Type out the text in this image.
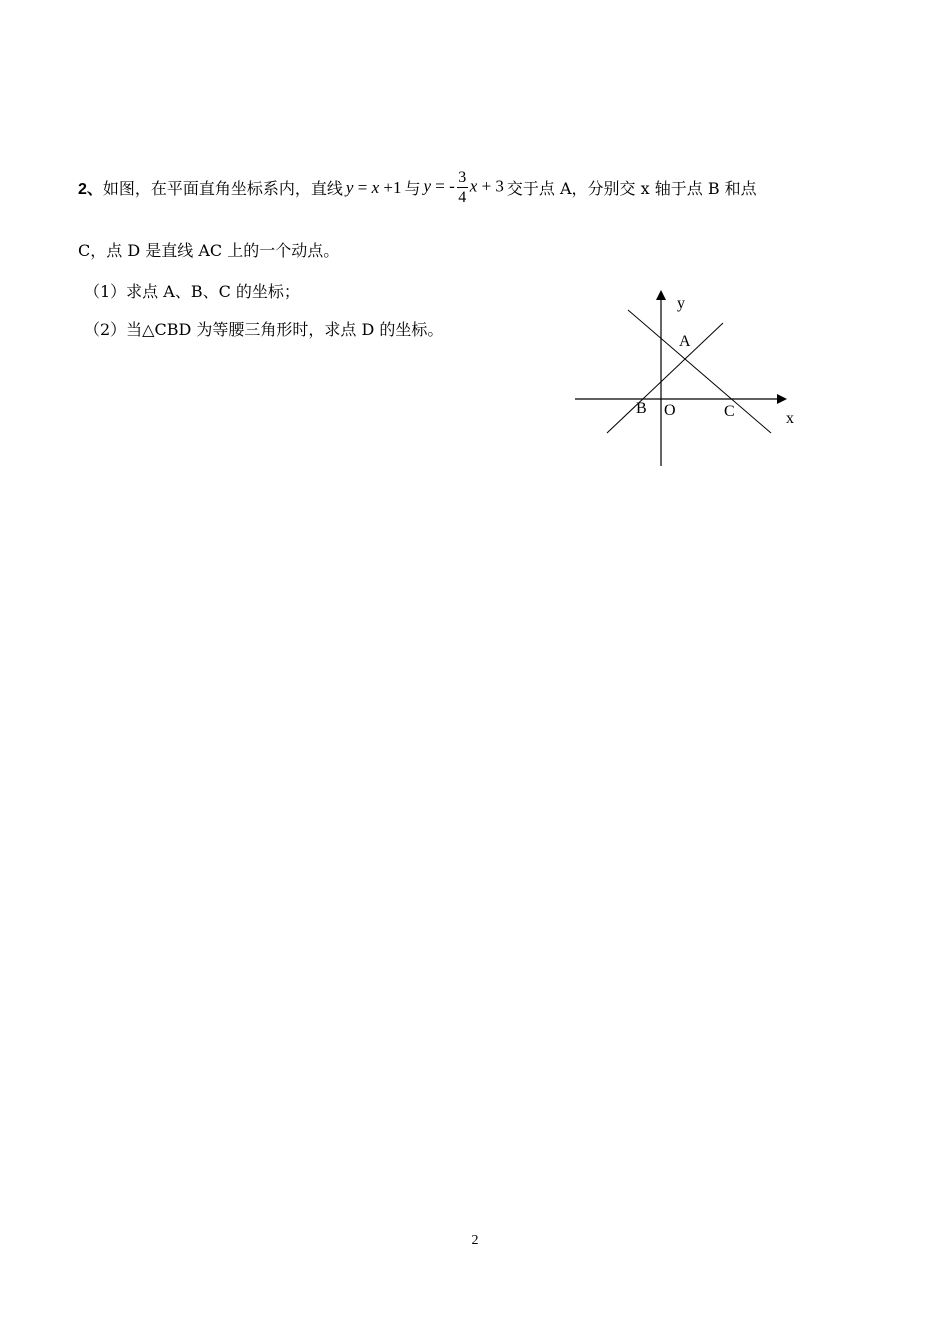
2、 如图，在平面直角坐标系内，直线 y = x +1 与 y = - $\frac{3}{4}$ x + 3 交于点 A，分别交 x 轴于点 B 和点
C，点 D 是直线 AC 上的一个动点。
（1）求点 A、B、C 的坐标；
（2）当△CBD 为等腰三角形时，求点 D 的坐标。
y
x
A
B O	C
2
